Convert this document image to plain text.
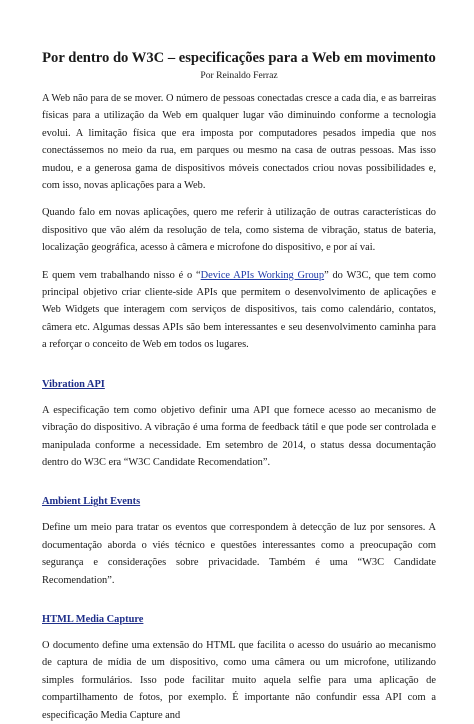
Por dentro do W3C – especificações para a Web em movimento
Por Reinaldo Ferraz

A Web não para de se mover. O número de pessoas conectadas cresce a cada dia, e as barreiras físicas para a utilização da Web em qualquer lugar vão diminuindo conforme a tecnologia evolui. A limitação física que era imposta por computadores pesados impedia que nos conectássemos no meio da rua, em parques ou mesmo na casa de outras pessoas. Mas isso mudou, e a generosa gama de dispositivos móveis conectados criou novas possibilidades e, com isso, novas aplicações para a Web.

Quando falo em novas aplicações, quero me referir à utilização de outras características do dispositivo que vão além da resolução de tela, como sistema de vibração, status de bateria, localização geográfica, acesso à câmera e microfone do dispositivo, e por aí vai.

E quem vem trabalhando nisso é o “Device APIs Working Group” do W3C, que tem como principal objetivo criar cliente-side APIs que permitem o desenvolvimento de aplicações e Web Widgets que interagem com serviços de dispositivos, tais como calendário, contatos, câmera etc. Algumas dessas APIs são bem interessantes e seu desenvolvimento caminha para a reforçar o conceito de Web em todos os lugares.

Vibration API

A especificação tem como objetivo definir uma API que fornece acesso ao mecanismo de vibração do dispositivo. A vibração é uma forma de feedback tátil e que pode ser controlada e manipulada conforme a necessidade. Em setembro de 2014, o status dessa documentação dentro do W3C era “W3C Candidate Recomendation”.

Ambient Light Events

Define um meio para tratar os eventos que correspondem à detecção de luz por sensores. A documentação aborda o viés técnico e questões interessantes como a preocupação com segurança e considerações sobre privacidade. Também é uma “W3C Candidate Recomendation”.

HTML Media Capture

O documento define uma extensão do HTML que facilita o acesso do usuário ao mecanismo de captura de mídia de um dispositivo, como uma câmera ou um microfone, utilizando simples formulários. Isso pode facilitar muito aquela selfie para uma aplicação de compartilhamento de fotos, por exemplo. É importante não confundir essa API com a especificação Media Capture and
